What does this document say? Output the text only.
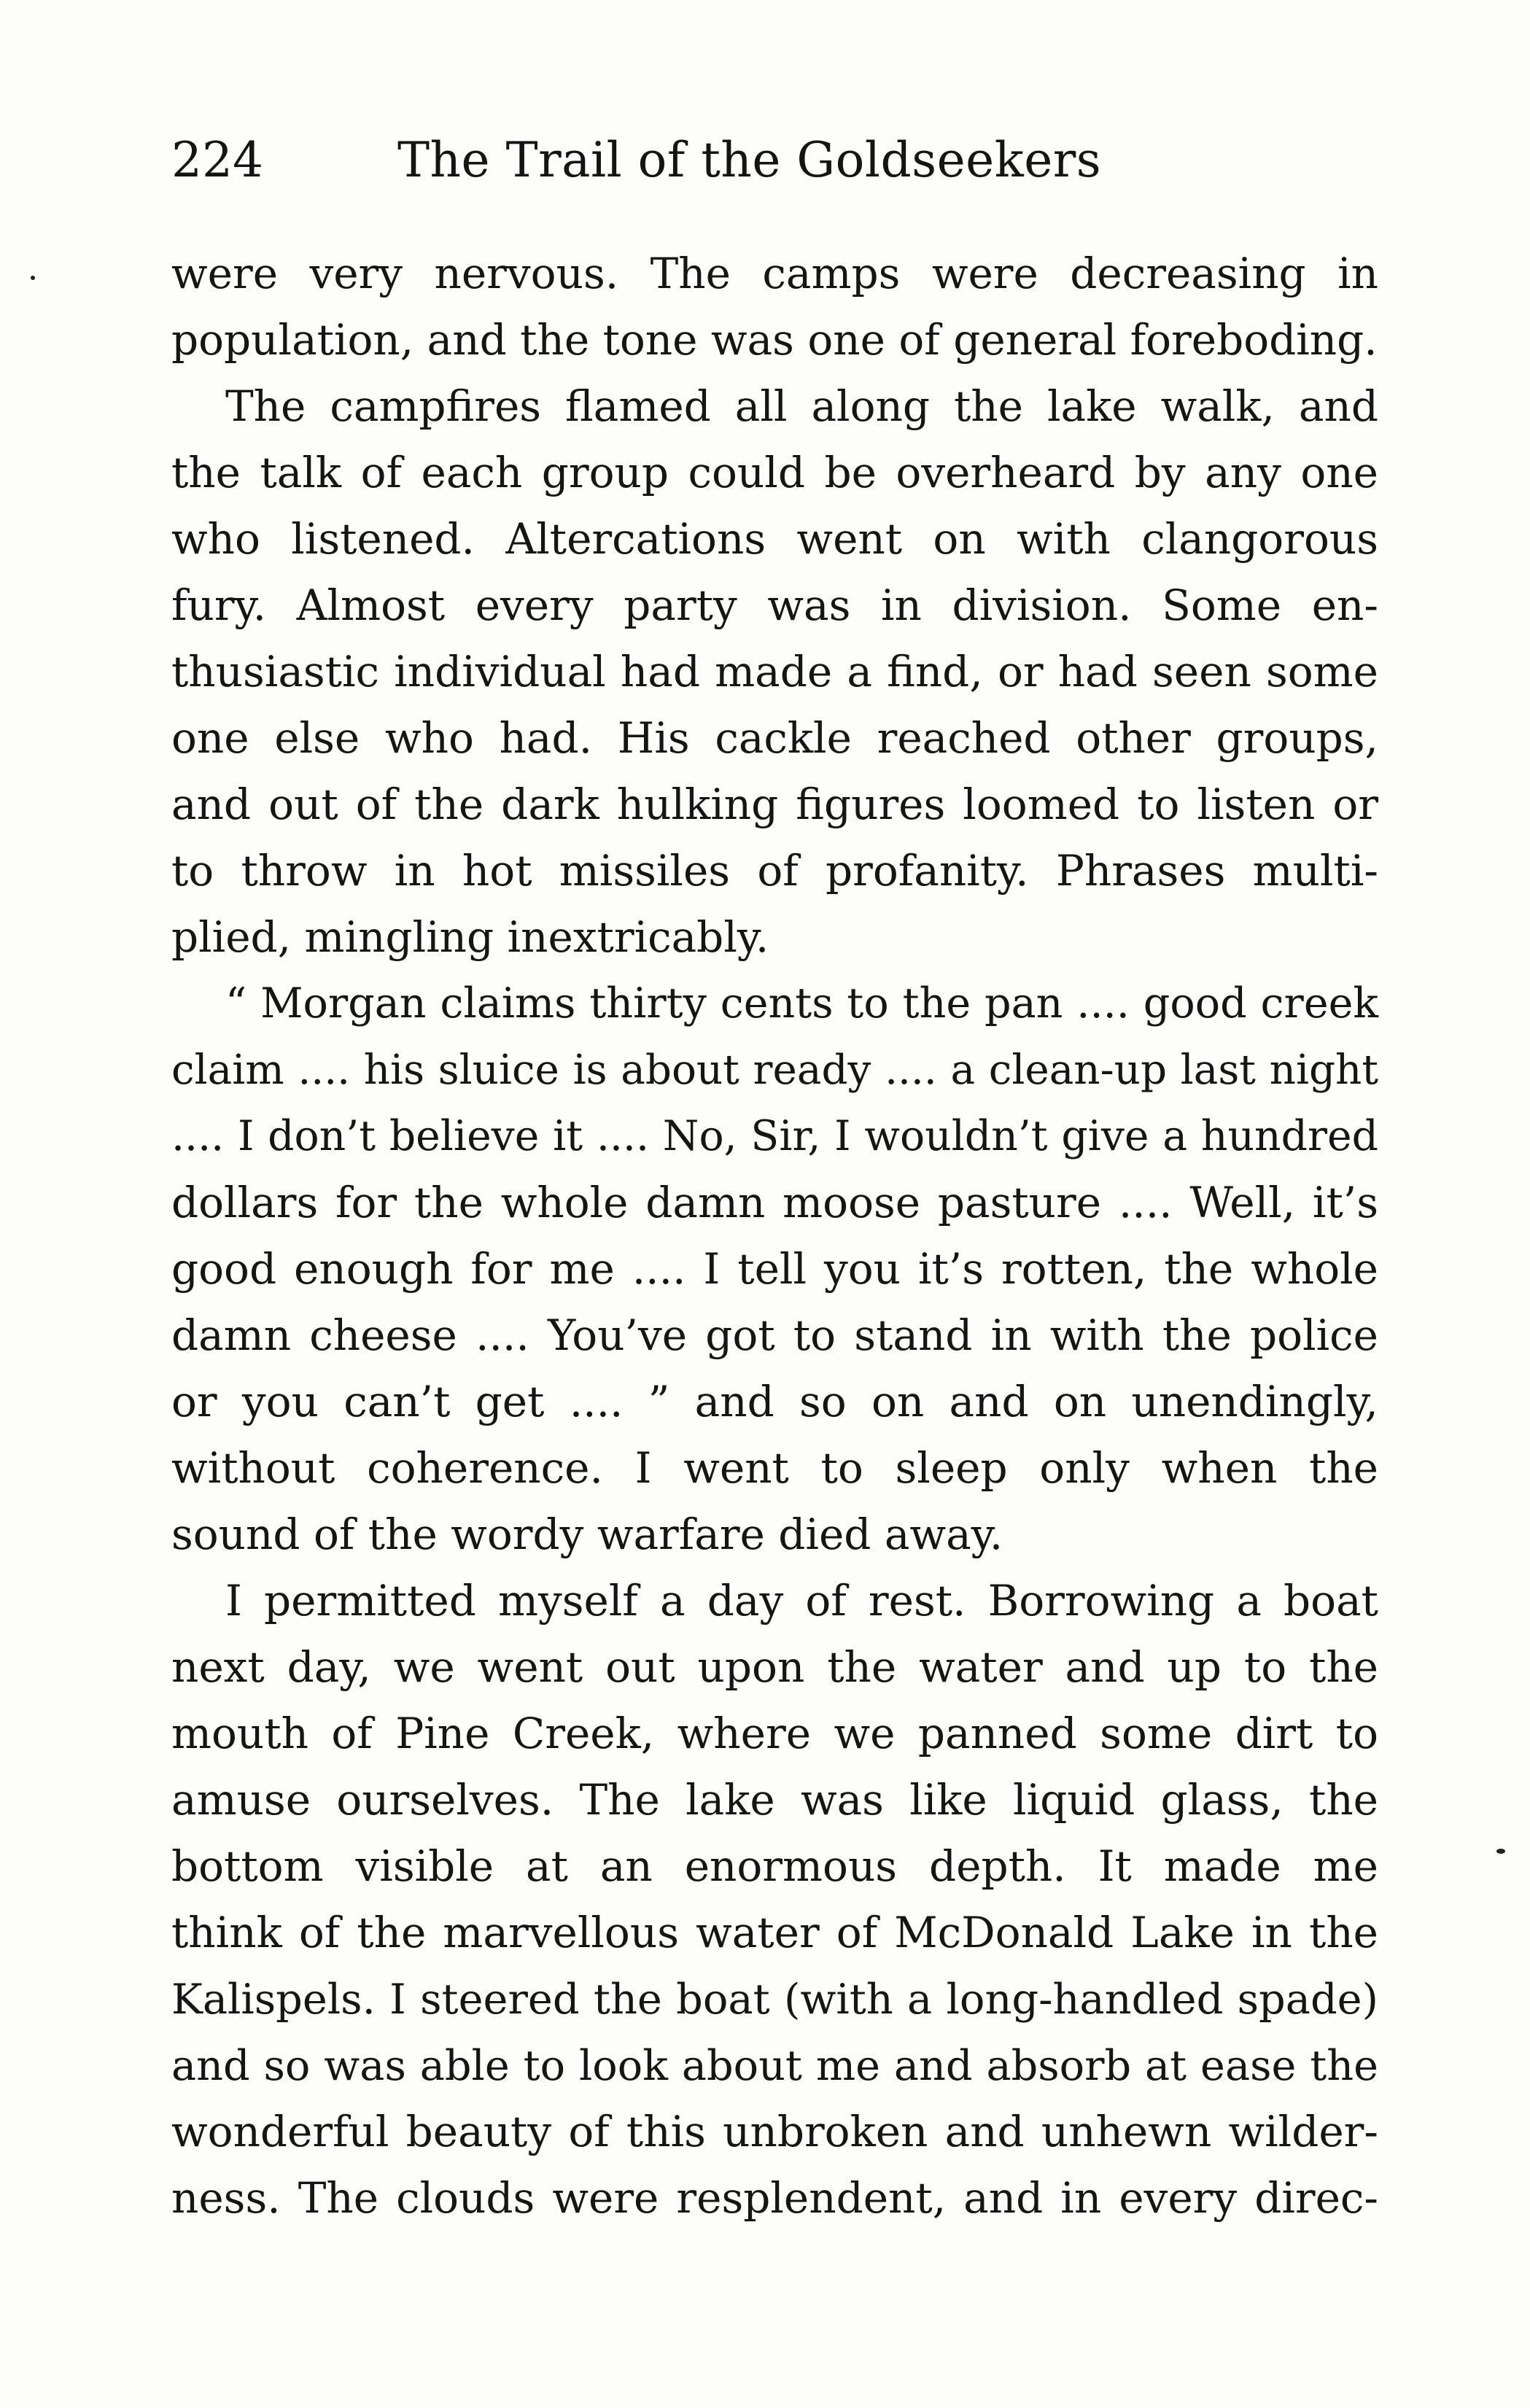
224	The Trail of the Goldseekers
were very nervous. The camps were decreasing in
population, and the tone was one of general foreboding.
The campfires flamed all along the lake walk, and
the talk of each group could be overheard by any one
who listened. Altercations went on with clangorous
fury. Almost every party was in division. Some en-
thusiastic individual had made a find, or had seen some
one else who had. His cackle reached other groups,
and out of the dark hulking figures loomed to listen or
to throw in hot missiles of profanity. Phrases multi-
plied, mingling inextricably.
“ Morgan claims thirty cents to the pan .... good creek
claim .... his sluice is about ready .... a clean-up last night
.... I don’t believe it .... No, Sir, I wouldn’t give a hundred
dollars for the whole damn moose pasture .... Well, it’s
good enough for me .... I tell you it’s rotten, the whole
damn cheese .... You’ve got to stand in with the police
or you can’t get .... ” and so on and on unendingly,
without coherence. I went to sleep only when the
sound of the wordy warfare died away.
I permitted myself a day of rest. Borrowing a boat
next day, we went out upon the water and up to the
mouth of Pine Creek, where we panned some dirt to
amuse ourselves. The lake was like liquid glass, the
bottom visible at an enormous depth. It made me
think of the marvellous water of McDonald Lake in the
Kalispels. I steered the boat (with a long-handled spade)
and so was able to look about me and absorb at ease the
wonderful beauty of this unbroken and unhewn wilder-
ness. The clouds were resplendent, and in every direc-
